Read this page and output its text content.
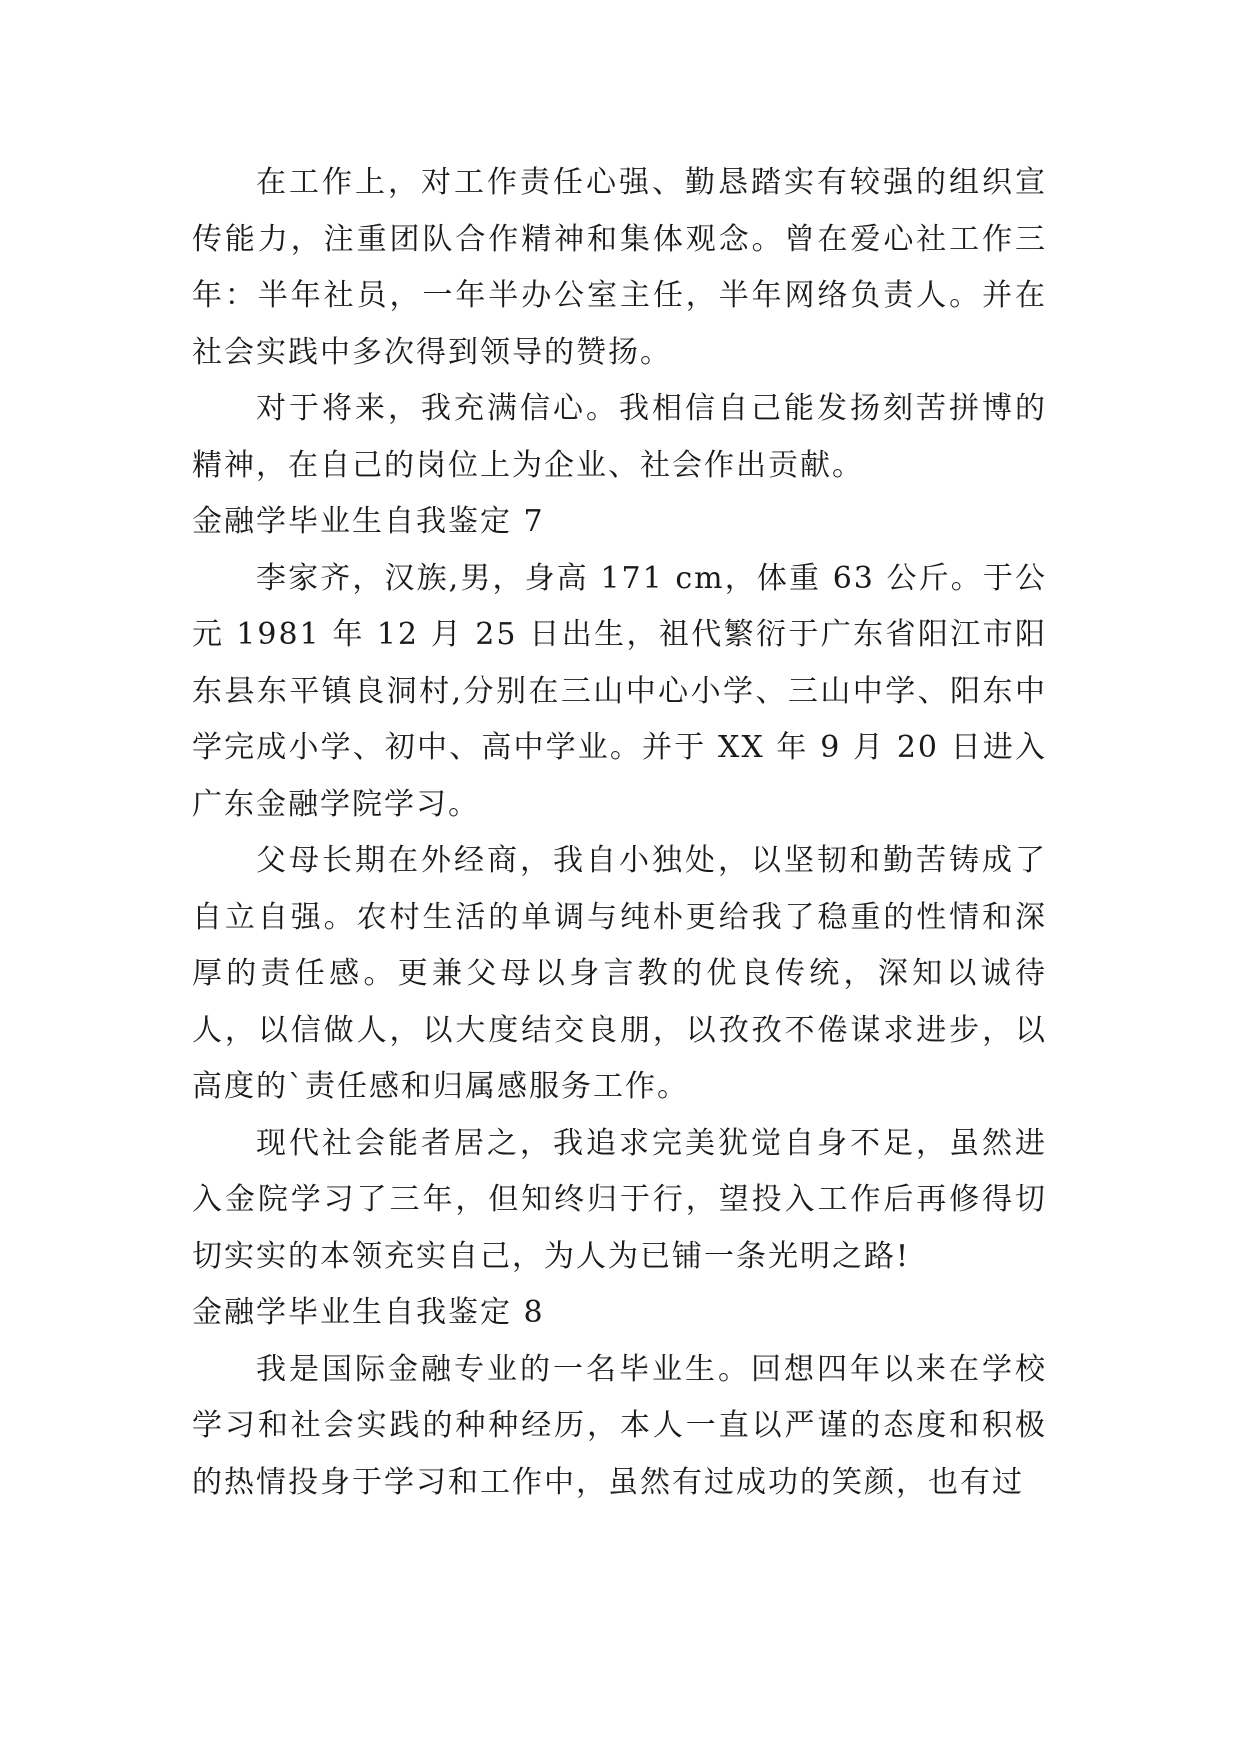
在工作上，对工作责任心强、勤恳踏实有较强的组织宣传能力，注重团队合作精神和集体观念。曾在爱心社工作三年：半年社员，一年半办公室主任，半年网络负责人。并在社会实践中多次得到领导的赞扬。

对于将来，我充满信心。我相信自己能发扬刻苦拼博的精神，在自己的岗位上为企业、社会作出贡献。

金融学毕业生自我鉴定 7

李家齐，汉族,男，身高 171 cm，体重 63 公斤。于公元 1981 年 12 月 25 日出生，祖代繁衍于广东省阳江市阳东县东平镇良洞村,分别在三山中心小学、三山中学、阳东中学完成小学、初中、高中学业。并于 XX 年 9 月 20 日进入广东金融学院学习。

父母长期在外经商，我自小独处，以坚韧和勤苦铸成了自立自强。农村生活的单调与纯朴更给我了稳重的性情和深厚的责任感。更兼父母以身言教的优良传统，深知以诚待人，以信做人，以大度结交良朋，以孜孜不倦谋求进步，以高度的`责任感和归属感服务工作。

现代社会能者居之，我追求完美犹觉自身不足，虽然进入金院学习了三年，但知终归于行，望投入工作后再修得切切实实的本领充实自己，为人为已铺一条光明之路!

金融学毕业生自我鉴定 8

我是国际金融专业的一名毕业生。回想四年以来在学校学习和社会实践的种种经历，本人一直以严谨的态度和积极的热情投身于学习和工作中，虽然有过成功的笑颜，也有过
